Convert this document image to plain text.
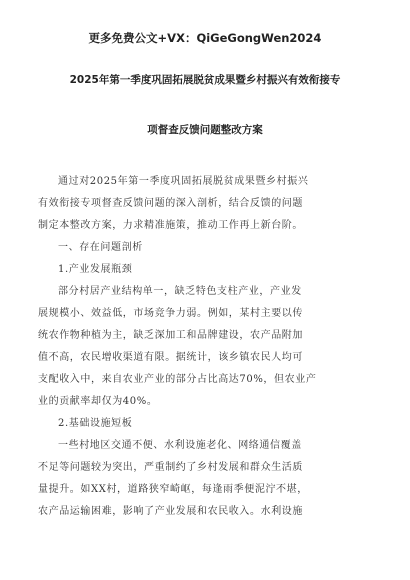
更多免费公文+VX：QiGeGongWen2024
2025年第一季度巩固拓展脱贫成果暨乡村振兴有效衔接专
项督查反馈问题整改方案
通过对2025年第一季度巩固拓展脱贫成果暨乡村振兴
有效衔接专项督查反馈问题的深入剖析，结合反馈的问题
制定本整改方案，力求精准施策，推动工作再上新台阶。
一、存在问题剖析
1.产业发展瓶颈
部分村居产业结构单一，缺乏特色支柱产业，产业发
展规模小、效益低，市场竞争力弱。例如，某村主要以传
统农作物种植为主，缺乏深加工和品牌建设，农产品附加
值不高，农民增收渠道有限。据统计，该乡镇农民人均可
支配收入中，来自农业产业的部分占比高达70%，但农业产
业的贡献率却仅为40%。
2.基础设施短板
一些村地区交通不便、水利设施老化、网络通信覆盖
不足等问题较为突出，严重制约了乡村发展和群众生活质
量提升。如XX村，道路狭窄崎岖，每逢雨季便泥泞不堪，
农产品运输困难，影响了产业发展和农民收入。水利设施
